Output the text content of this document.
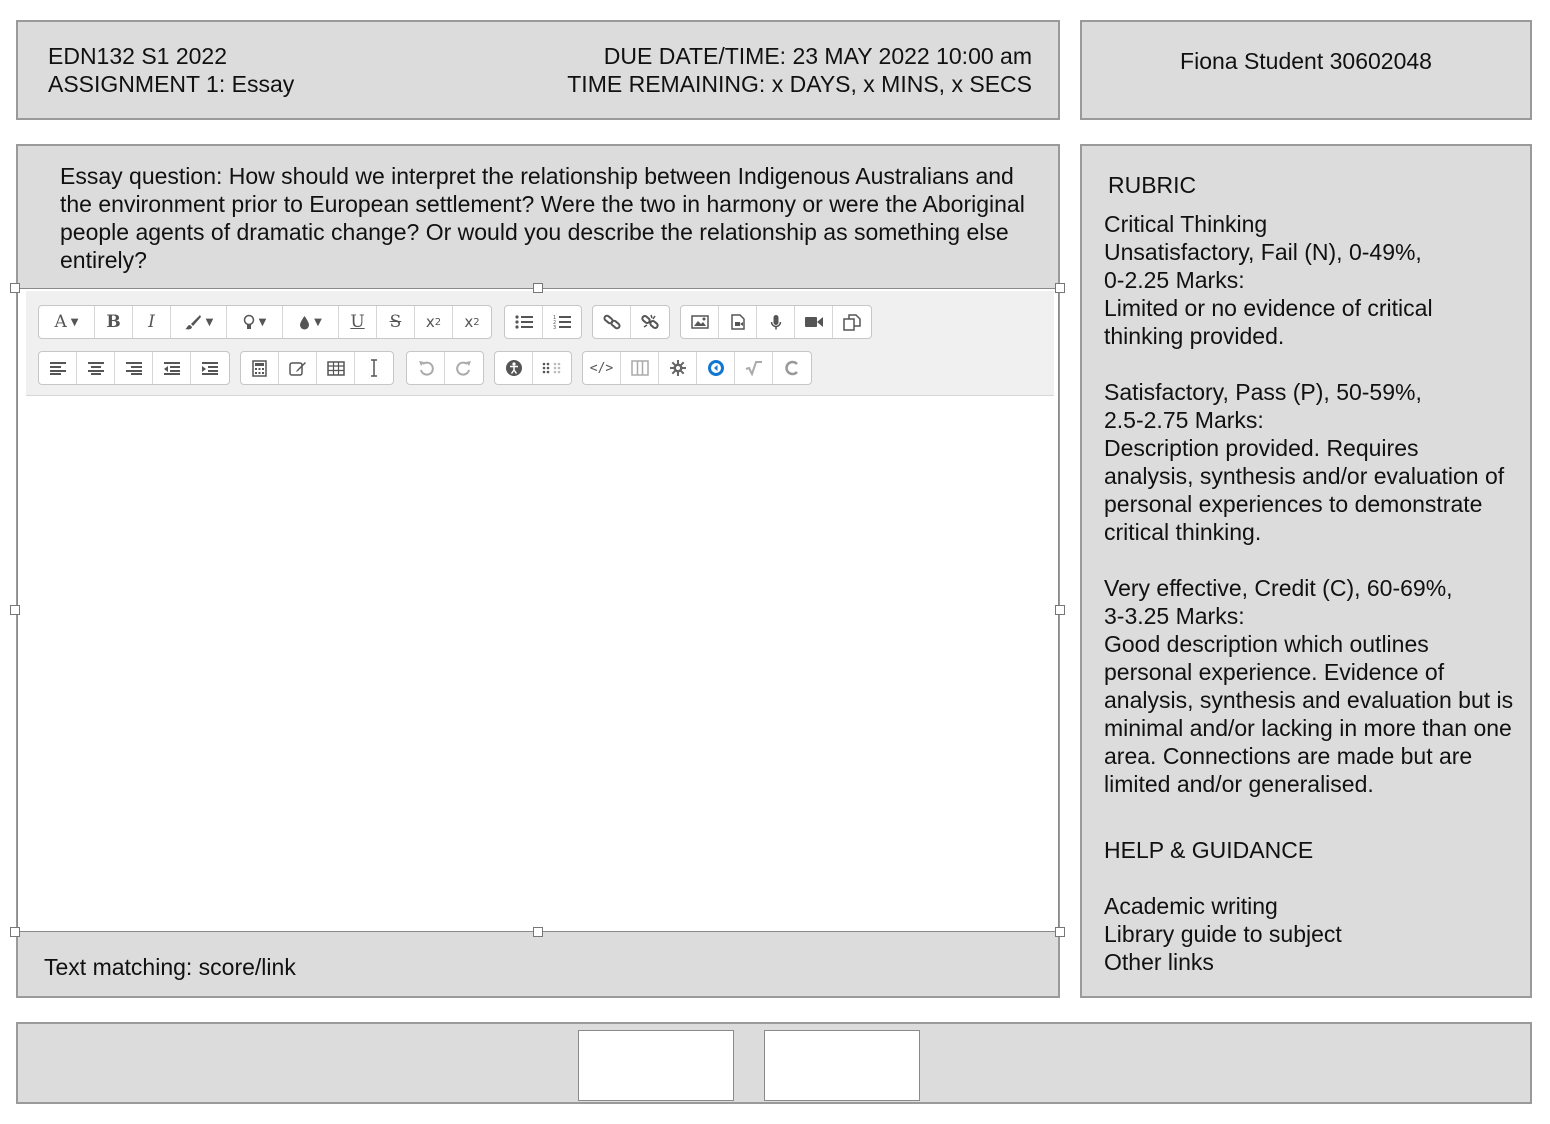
EDN132 S1 2022
ASSIGNMENT 1: Essay
DUE DATE/TIME: 23 MAY 2022 10:00 am
TIME REMAINING: x DAYS, x MINS, x SECS
Fiona Student 30602048
Essay question: How should we interpret the relationship between Indigenous Australians and the environment prior to European settlement? Were the two in harmony or were the Aboriginal people agents of dramatic change? Or would you describe the relationship as something else entirely?
Text matching: score/link
A ▼	B	I	▼	▼	▼	U	S	x 2	x 2	1
2
3
</>
RUBRIC
Critical Thinking

Unsatisfactory, Fail (N), 0-49%,
0-2.25 Marks:
Limited or no evidence of critical thinking provided.

Satisfactory, Pass (P), 50-59%,
2.5-2.75 Marks:
Description provided. Requires analysis, synthesis and/or evaluation of personal experiences to demonstrate critical thinking.

Very effective, Credit (C), 60-69%,
3-3.25 Marks:
Good description which outlines personal experience. Evidence of analysis, synthesis and evaluation but is minimal and/or lacking in more than one area. Connections are made but are limited and/or generalised.

HELP & GUIDANCE
Academic writing
Library guide to subject
Other links
